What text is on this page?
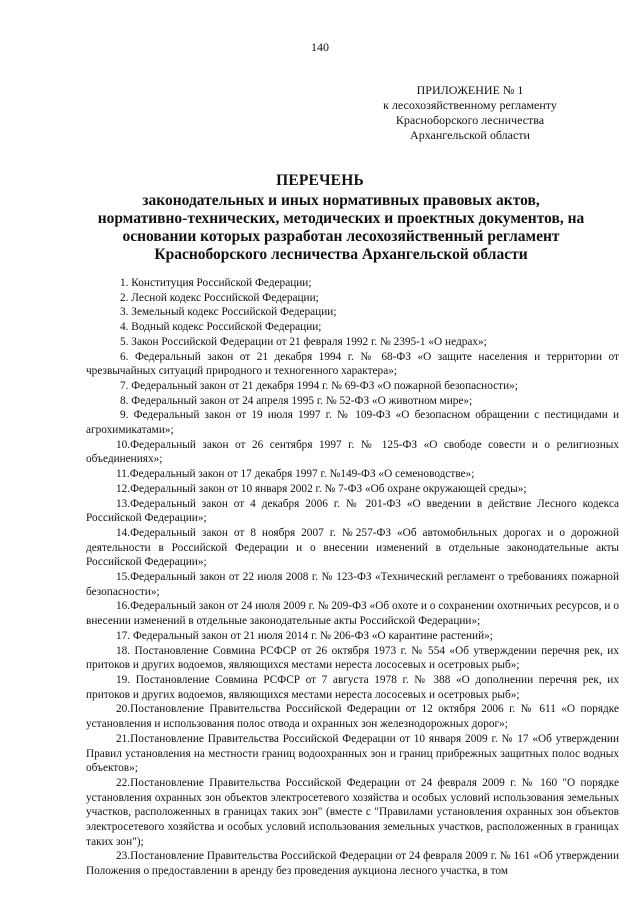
140
ПРИЛОЖЕНИЕ № 1
к лесохозяйственному регламенту
Красноборского лесничества
Архангельской области
ПЕРЕЧЕНЬ
законодательных и иных нормативных правовых актов,
нормативно-технических, методических и проектных документов, на
основании которых разработан лесохозяйственный регламент
Красноборского лесничества Архангельской области

1. Конституция Российской Федерации;

2. Лесной кодекс Российской Федерации;

3. Земельный кодекс Российской Федерации;

4. Водный кодекс Российской Федерации;

5. Закон Российской Федерации от 21 февраля 1992 г. № 2395-1 «О недрах»;

6. Федеральный закон от 21 декабря 1994 г. № 68-ФЗ «О защите населения и территории от чрезвычайных ситуаций природного и техногенного характера»;

7. Федеральный закон от 21 декабря 1994 г. № 69-ФЗ «О пожарной безопасности»;

8. Федеральный закон от 24 апреля 1995 г. № 52-ФЗ «О животном мире»;

9. Федеральный закон от 19 июля 1997 г. № 109-ФЗ «О безопасном обращении с пестицидами и агрохимикатами»;

10.Федеральный закон от 26 сентября 1997 г. № 125-ФЗ «О свободе совести и о религиозных объединениях»;

11.Федеральный закон от 17 декабря 1997 г. №149-ФЗ «О семеноводстве»;

12.Федеральный закон от 10 января 2002 г. № 7-ФЗ «Об охране окружающей среды»;

13.Федеральный закон от 4 декабря 2006 г. № 201-ФЗ «О введении в действие Лесного кодекса Российской Федерации»;

14.Федеральный закон от 8 ноября 2007 г. №257-ФЗ «Об автомобильных дорогах и о дорожной деятельности в Российской Федерации и о внесении изменений в отдельные законодательные акты Российской Федерации»;

15.Федеральный закон от 22 июля 2008 г. № 123-ФЗ «Технический регламент о требованиях пожарной безопасности»;

16.Федеральный закон от 24 июля 2009 г. № 209-ФЗ «Об охоте и о сохранении охотничьих ресурсов, и о внесении изменений в отдельные законодательные акты Российской Федерации»;

17. Федеральный закон от 21 июля 2014 г. № 206-ФЗ «О карантине растений»;

18. Постановление Совмина РСФСР от 26 октября 1973 г. № 554 «Об утверждении перечня рек, их притоков и других водоемов, являющихся местами нереста лососевых и осетровых рыб»;

19. Постановление Совмина РСФСР от 7 августа 1978 г. № 388 «О дополнении перечня рек, их притоков и других водоемов, являющихся местами нереста лососевых и осетровых рыб»;

20.Постановление Правительства Российской Федерации от 12 октября 2006 г. № 611 «О порядке установления и использования полос отвода и охранных зон железнодорожных дорог»;

21.Постановление Правительства Российской Федерации от 10 января 2009 г. № 17 «Об утверждении Правил установления на местности границ водоохранных зон и границ прибрежных защитных полос водных объектов»;

22.Постановление Правительства Российской Федерации от 24 февраля 2009 г. № 160 "О порядке установления охранных зон объектов электросетевого хозяйства и особых условий использования земельных участков, расположенных в границах таких зон" (вместе с "Правилами установления охранных зон объектов электросетевого хозяйства и особых условий использования земельных участков, расположенных в границах таких зон");

23.Постановление Правительства Российской Федерации от 24 февраля 2009 г. № 161 «Об утверждении Положения о предоставлении в аренду без проведения аукциона лесного участка, в том
